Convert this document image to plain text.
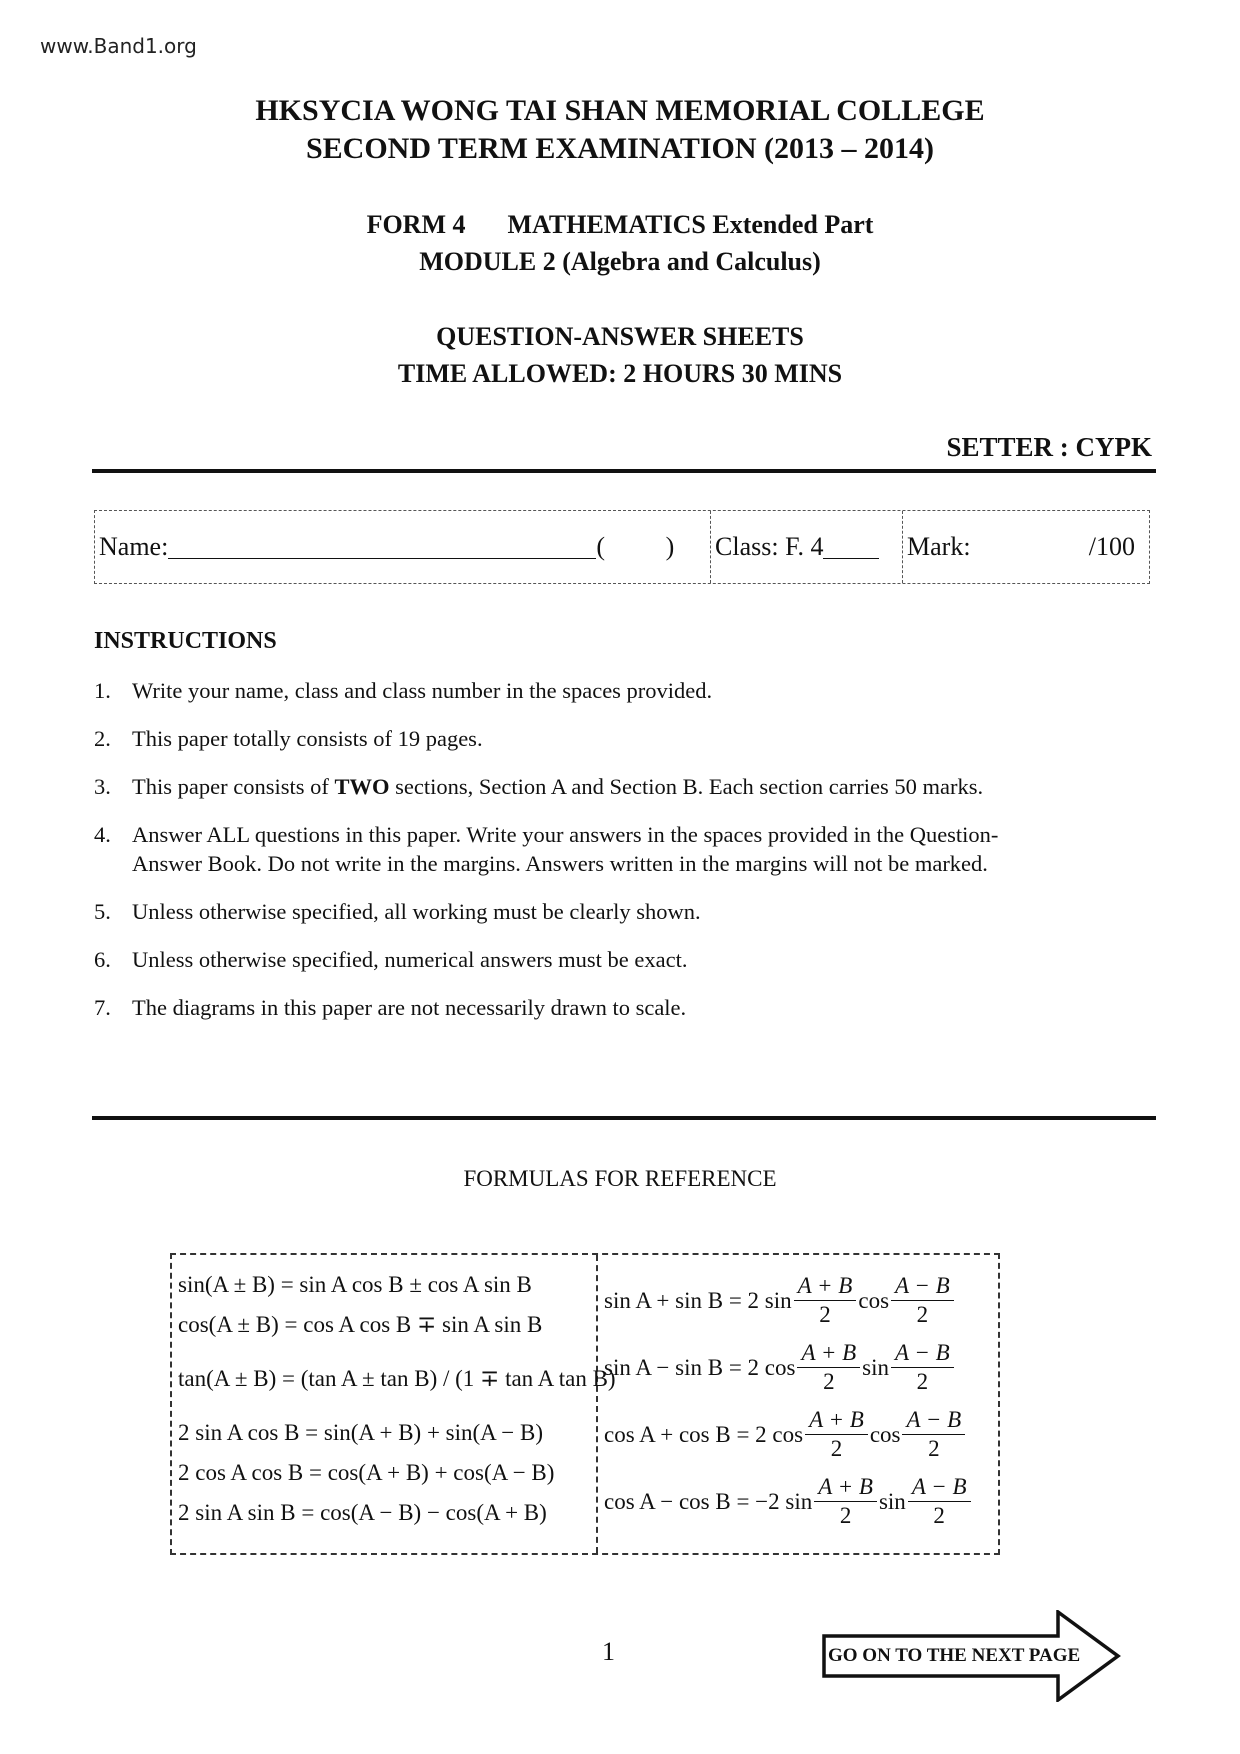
www.Band1.org
HKSYCIA WONG TAI SHAN MEMORIAL COLLEGE
SECOND TERM EXAMINATION (2013 – 2014)
FORM 4 MATHEMATICS Extended Part
MODULE 2 (Algebra and Calculus)
QUESTION-ANSWER SHEETS
TIME ALLOWED: 2 HOURS 30 MINS
SETTER : CYPK
Name:	( ) Class: F. 4	Mark:	/100
INSTRUCTIONS
1. Write your name, class and class number in the spaces provided.
2. This paper totally consists of 19 pages.
3. This paper consists of TWO sections, Section A and Section B. Each section carries 50 marks.
4. Answer ALL questions in this paper. Write your answers in the spaces provided in the Question-Answer Book. Do not write in the margins. Answers written in the margins will not be marked.
5. Unless otherwise specified, all working must be clearly shown.
6. Unless otherwise specified, numerical answers must be exact.
7. The diagrams in this paper are not necessarily drawn to scale.
FORMULAS FOR REFERENCE
sin(A ± B) = sin A cos B ± cos A sin B
cos(A ± B) = cos A cos B ∓ sin A sin B
tan(A ± B) = (tan A ± tan B) / (1 ∓ tan A tan B)
2 sin A cos B = sin(A + B) + sin(A − B)
2 cos A cos B = cos(A + B) + cos(A − B)
2 sin A sin B = cos(A − B) − cos(A + B)
sin A + sin B = 2 $\sin \frac{A + B}{2}$ $\cos \frac{A - B}{2}$
sin A − sin B = 2 $\cos \frac{A + B}{2}$ $\sin \frac{A - B}{2}$
cos A + cos B = 2 $\cos \frac{A + B}{2}$ $\cos \frac{A - B}{2}$
cos A − cos B = −2 $\sin \frac{A + B}{2}$ $\sin \frac{A - B}{2}$
1	GO ON TO THE NEXT PAGE
